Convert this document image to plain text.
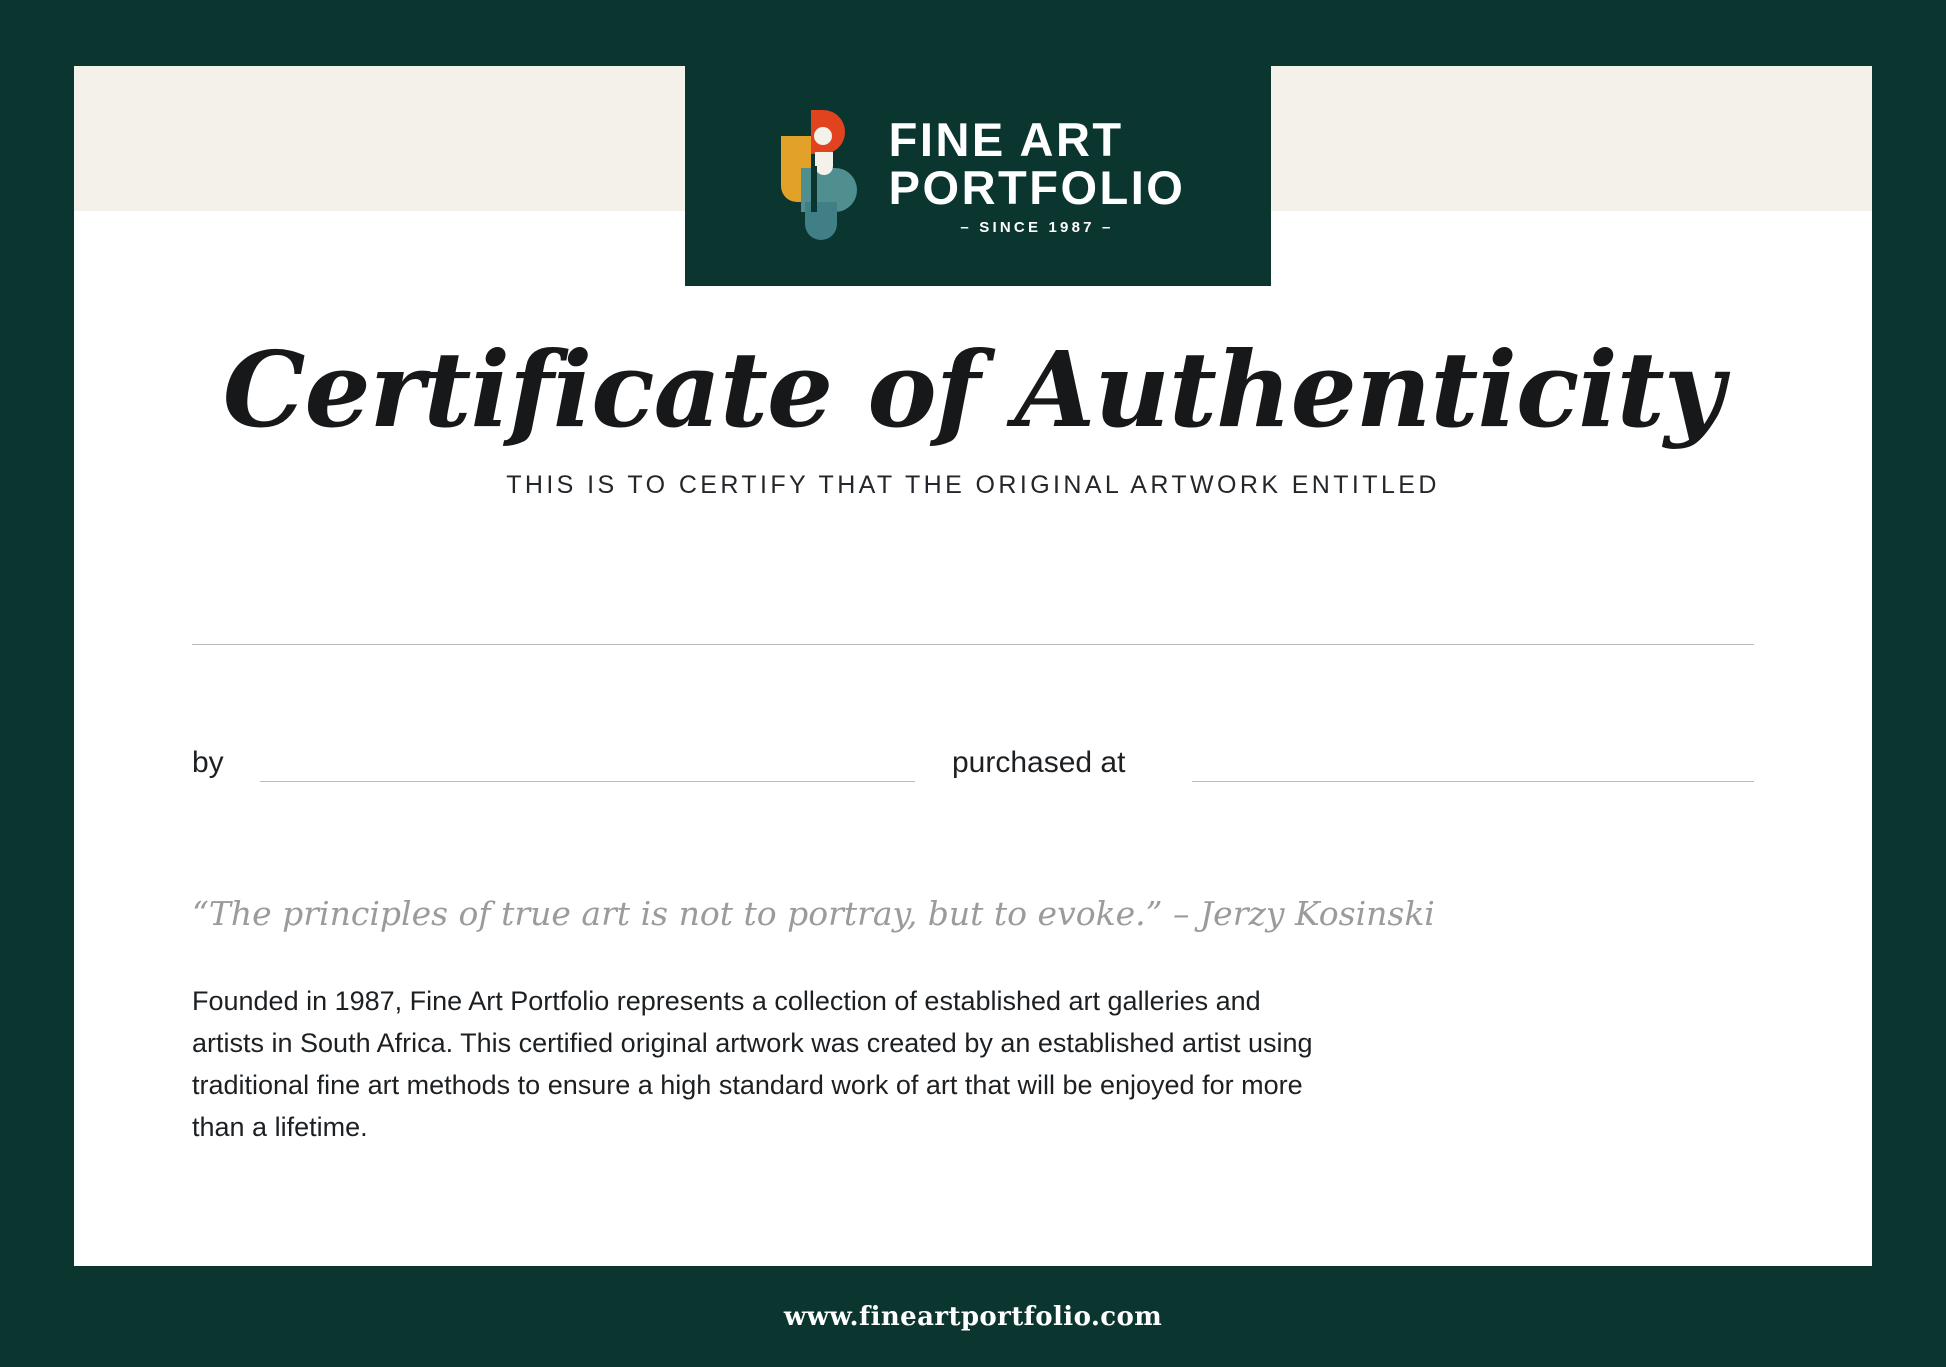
FINE ART
PORTFOLIO
– SINCE 1987 –
Certificate of Authenticity
THIS IS TO CERTIFY THAT THE ORIGINAL ARTWORK ENTITLED
by	purchased at
“The principles of true art is not to portray, but to evoke.” – Jerzy Kosinski
Founded in 1987, Fine Art Portfolio represents a collection of established art galleries and artists in South Africa. This certified original artwork was created by an established artist using traditional fine art methods to ensure a high standard work of art that will be enjoyed for more than a lifetime.
www.fineartportfolio.com
